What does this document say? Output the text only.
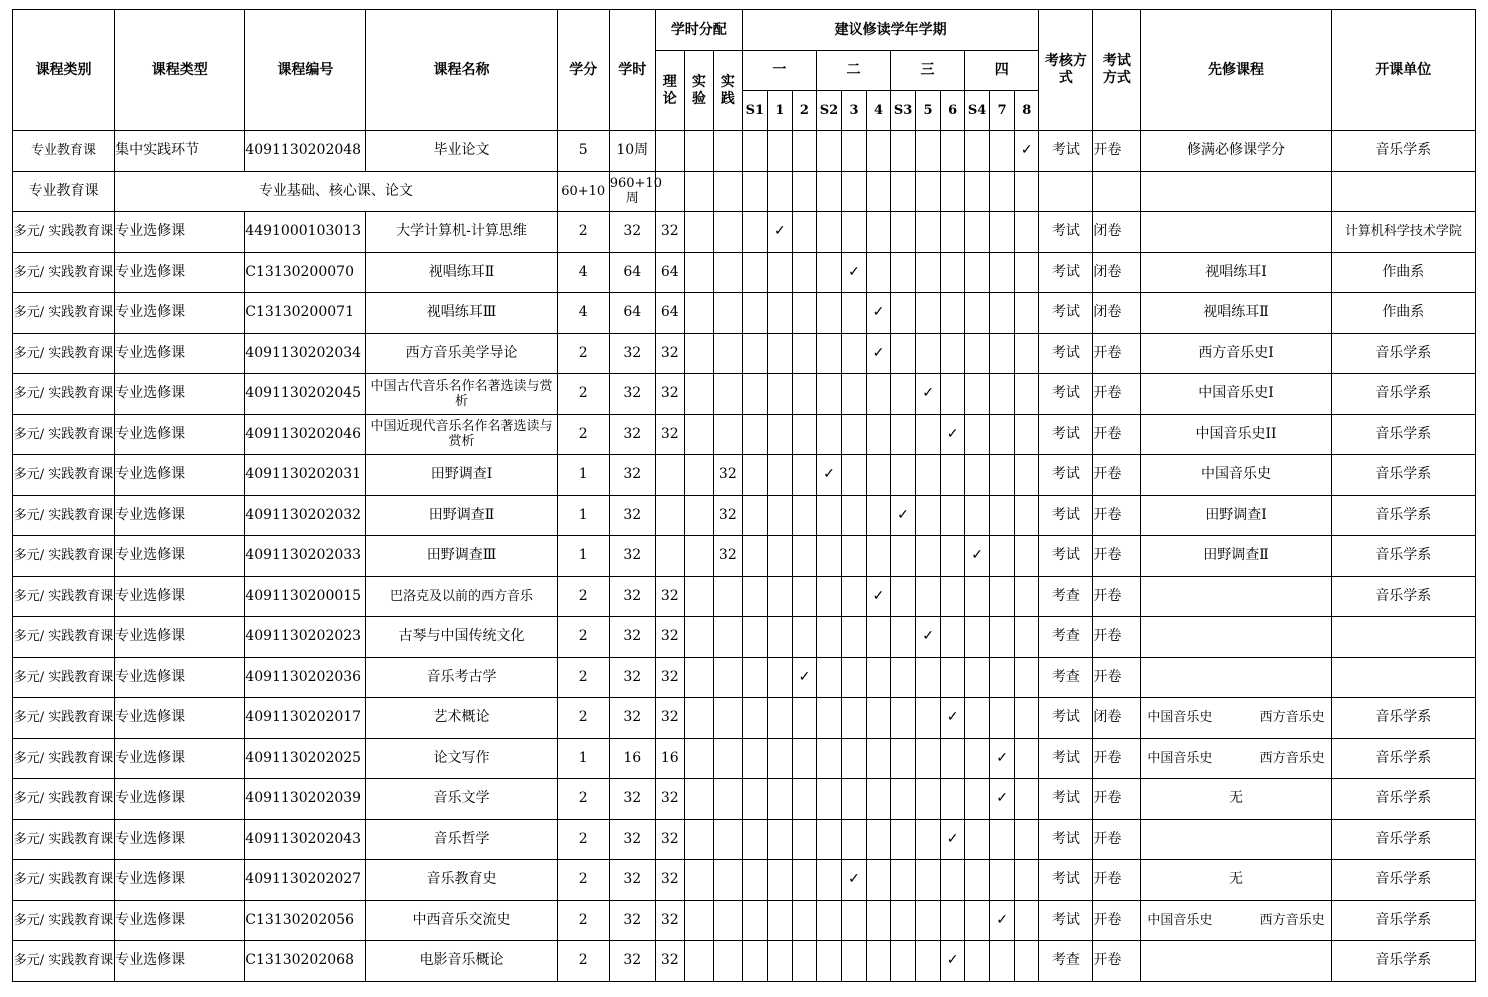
课程类别	课程类型	课程编号	课程名称	学分	学时	学时分配			建议修读学年学期												考核方式	考试方式	先修课程	开课单位
						理论	实验	实践	一			二			三			四						
									S1	1	2	S2	3	4	S3	5	6	S4	7	8				
专业教育课	集中实践环节	4091130202048	毕业论文	5	10周															✓	考试	开卷	修满必修课学分	音乐学系
专业教育课	专业基础、核心课、论文			60+10	960+10周																			
多元/ 实践教育课	专业选修课	4491000103013	大学计算机-计算思维	2	32	32				✓											考试	闭卷		计算机科学技术学院
多元/ 实践教育课	专业选修课	C13130200070	视唱练耳Ⅱ	4	64	64							✓								考试	闭卷	视唱练耳Ⅰ	作曲系
多元/ 实践教育课	专业选修课	C13130200071	视唱练耳Ⅲ	4	64	64								✓							考试	闭卷	视唱练耳Ⅱ	作曲系
多元/ 实践教育课	专业选修课	4091130202034	西方音乐美学导论	2	32	32								✓							考试	开卷	西方音乐史Ⅰ	音乐学系
多元/ 实践教育课	专业选修课	4091130202045	中国古代音乐名作名著选读与赏析	2	32	32										✓					考试	开卷	中国音乐史Ⅰ	音乐学系
多元/ 实践教育课	专业选修课	4091130202046	中国近现代音乐名作名著选读与赏析	2	32	32											✓				考试	开卷	中国音乐史II	音乐学系
多元/ 实践教育课	专业选修课	4091130202031	田野调查Ⅰ	1	32			32				✓									考试	开卷	中国音乐史	音乐学系
多元/ 实践教育课	专业选修课	4091130202032	田野调查Ⅱ	1	32			32							✓						考试	开卷	田野调查Ⅰ	音乐学系
多元/ 实践教育课	专业选修课	4091130202033	田野调查Ⅲ	1	32			32										✓			考试	开卷	田野调查Ⅱ	音乐学系
多元/ 实践教育课	专业选修课	4091130200015	巴洛克及以前的西方音乐	2	32	32								✓							考查	开卷		音乐学系
多元/ 实践教育课	专业选修课	4091130202023	古琴与中国传统文化	2	32	32										✓					考查	开卷		
多元/ 实践教育课	专业选修课	4091130202036	音乐考古学	2	32	32					✓										考查	开卷		
多元/ 实践教育课	专业选修课	4091130202017	艺术概论	2	32	32											✓				考试	闭卷	中国音乐史 西方音乐史	音乐学系
多元/ 实践教育课	专业选修课	4091130202025	论文写作	1	16	16													✓		考试	开卷	中国音乐史 西方音乐史	音乐学系
多元/ 实践教育课	专业选修课	4091130202039	音乐文学	2	32	32													✓		考试	开卷	无	音乐学系
多元/ 实践教育课	专业选修课	4091130202043	音乐哲学	2	32	32											✓				考试	开卷		音乐学系
多元/ 实践教育课	专业选修课	4091130202027	音乐教育史	2	32	32							✓								考试	开卷	无	音乐学系
多元/ 实践教育课	专业选修课	C13130202056	中西音乐交流史	2	32	32													✓		考试	开卷	中国音乐史 西方音乐史	音乐学系
多元/ 实践教育课	专业选修课	C13130202068	电影音乐概论	2	32	32											✓				考查	开卷		音乐学系
